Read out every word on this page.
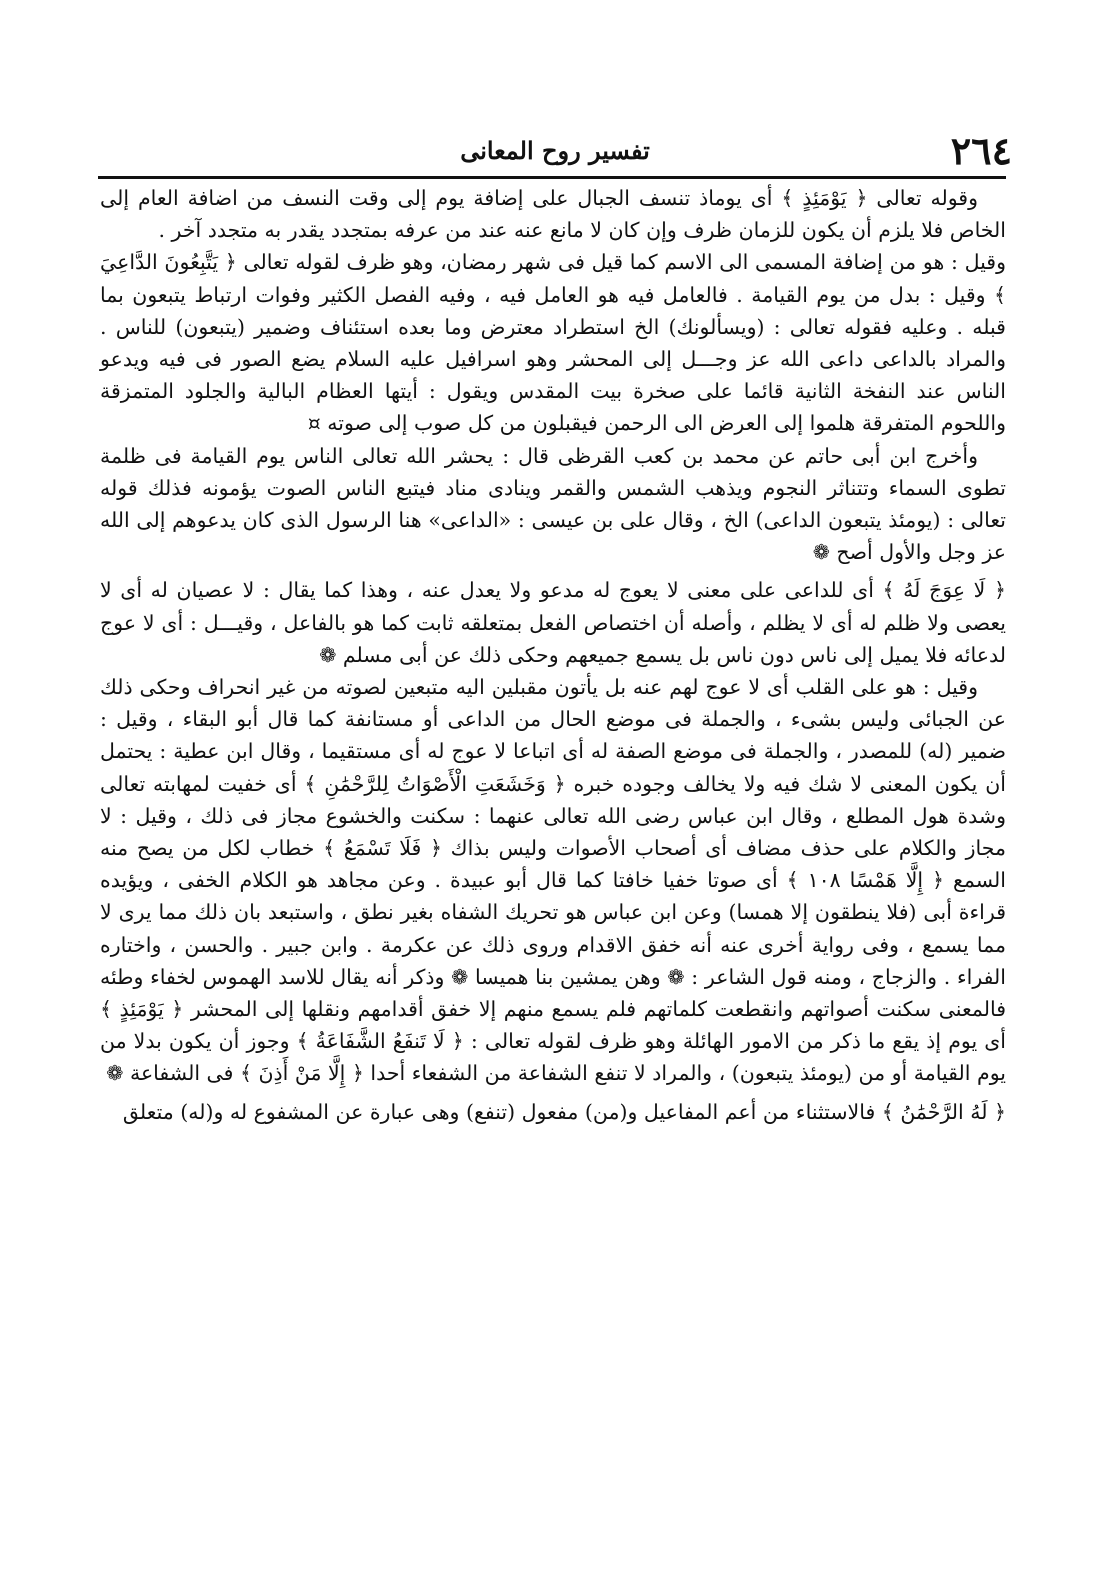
٢٦٤
تفسير روح المعانى

وقوله تعالى ﴿ يَوْمَئِذٍ ﴾ أى يوماذ تنسف الجبال على إضافة يوم إلى وقت النسف من اضافة العام إلى الخاص فلا يلزم أن يكون للزمان ظرف وإن كان لا مانع عنه عند من عرفه بمتجدد يقدر به متجدد آخر .

وقيل : هو من إضافة المسمى الى الاسم كما قيل فى شهر رمضان، وهو ظرف لقوله تعالى ﴿ يَتَّبِعُونَ الدَّاعِيَ ﴾ وقيل : بدل من يوم القيامة . فالعامل فيه هو العامل فيه ، وفيه الفصل الكثير وفوات ارتباط يتبعون بما قبله . وعليه فقوله تعالى : (ويسألونك) الخ استطراد معترض وما بعده استئناف وضمير (يتبعون) للناس . والمراد بالداعى داعى الله عز وجـــل إلى المحشر وهو اسرافيل عليه السلام يضع الصور فى فيه ويدعو الناس عند النفخة الثانية قائما على صخرة بيت المقدس ويقول : أيتها العظام البالية والجلود المتمزقة واللحوم المتفرقة هلموا إلى العرض الى الرحمن فيقبلون من كل صوب إلى صوته ¤

وأخرج ابن أبى حاتم عن محمد بن كعب القرظى قال : يحشر الله تعالى الناس يوم القيامة فى ظلمة تطوى السماء وتتناثر النجوم ويذهب الشمس والقمر وينادى مناد فيتبع الناس الصوت يؤمونه فذلك قوله تعالى : (يومئذ يتبعون الداعى) الخ ، وقال على بن عيسى : «الداعى» هنا الرسول الذى كان يدعوهم إلى الله عز وجل والأول أصح ❁

﴿ لَا عِوَجَ لَهُ ﴾ أى للداعى على معنى لا يعوج له مدعو ولا يعدل عنه ، وهذا كما يقال : لا عصيان له أى لا يعصى ولا ظلم له أى لا يظلم ، وأصله أن اختصاص الفعل بمتعلقه ثابت كما هو بالفاعل ، وقيـــل : أى لا عوج لدعائه فلا يميل إلى ناس دون ناس بل يسمع جميعهم وحكى ذلك عن أبى مسلم ❁

وقيل : هو على القلب أى لا عوج لهم عنه بل يأتون مقبلين اليه متبعين لصوته من غير انحراف وحكى ذلك عن الجبائى وليس بشىء ، والجملة فى موضع الحال من الداعى أو مستانفة كما قال أبو البقاء ، وقيل : ضمير (له) للمصدر ، والجملة فى موضع الصفة له أى اتباعا لا عوج له أى مستقيما ، وقال ابن عطية : يحتمل أن يكون المعنى لا شك فيه ولا يخالف وجوده خبره ﴿ وَخَشَعَتِ الْأَصْوَاتُ لِلرَّحْمَٰنِ ﴾ أى خفيت لمهابته تعالى وشدة هول المطلع ، وقال ابن عباس رضى الله تعالى عنهما : سكنت والخشوع مجاز فى ذلك ، وقيل : لا مجاز والكلام على حذف مضاف أى أصحاب الأصوات وليس بذاك ﴿ فَلَا تَسْمَعُ ﴾ خطاب لكل من يصح منه السمع ﴿ إِلَّا هَمْسًا ١٠٨ ﴾ أى صوتا خفيا خافتا كما قال أبو عبيدة . وعن مجاهد هو الكلام الخفى ، ويؤيده قراءة أبى (فلا ينطقون إلا همسا) وعن ابن عباس هو تحريك الشفاه بغير نطق ، واستبعد بان ذلك مما يرى لا مما يسمع ، وفى رواية أخرى عنه أنه خفق الاقدام وروى ذلك عن عكرمة . وابن جبير . والحسن ، واختاره الفراء . والزجاج ، ومنه قول الشاعر : ❁ وهن يمشين بنا هميسا ❁ وذكر أنه يقال للاسد الهموس لخفاء وطئه فالمعنى سكنت أصواتهم وانقطعت كلماتهم فلم يسمع منهم إلا خفق أقدامهم ونقلها إلى المحشر ﴿ يَوْمَئِذٍ ﴾ أى يوم إذ يقع ما ذكر من الامور الهائلة وهو ظرف لقوله تعالى : ﴿ لَا تَنفَعُ الشَّفَاعَةُ ﴾ وجوز أن يكون بدلا من يوم القيامة أو من (يومئذ يتبعون) ، والمراد لا تنفع الشفاعة من الشفعاء أحدا ﴿ إِلَّا مَنْ أَذِنَ ﴾ فى الشفاعة ❁

﴿ لَهُ الرَّحْمَٰنُ ﴾ فالاستثناء من أعم المفاعيل و(من) مفعول (تنفع) وهى عبارة عن المشفوع له و(له) متعلق
